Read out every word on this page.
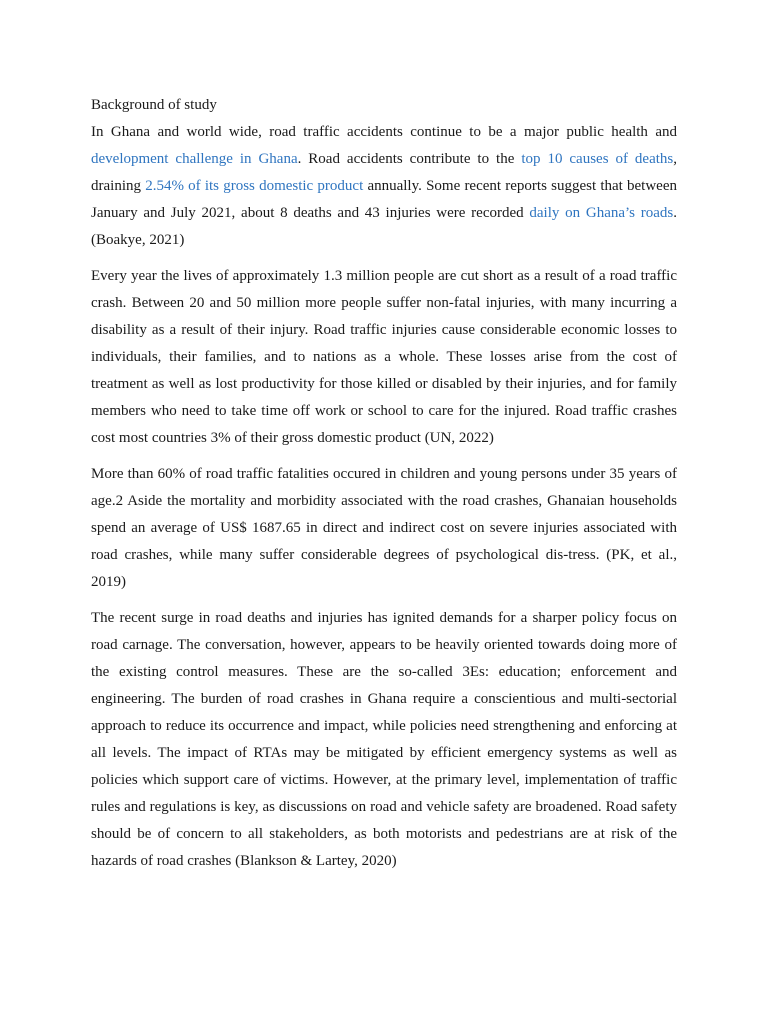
Background of study

In Ghana and world wide, road traffic accidents continue to be a major public health and development challenge in Ghana. Road accidents contribute to the top 10 causes of deaths, draining 2.54% of its gross domestic product annually. Some recent reports suggest that between January and July 2021, about 8 deaths and 43 injuries were recorded daily on Ghana’s roads. (Boakye, 2021)

Every year the lives of approximately 1.3 million people are cut short as a result of a road traffic crash. Between 20 and 50 million more people suffer non-fatal injuries, with many incurring a disability as a result of their injury. Road traffic injuries cause considerable economic losses to individuals, their families, and to nations as a whole. These losses arise from the cost of treatment as well as lost productivity for those killed or disabled by their injuries, and for family members who need to take time off work or school to care for the injured. Road traffic crashes cost most countries 3% of their gross domestic product (UN, 2022)

More than 60% of road traffic fatalities occured in children and young persons under 35 years of age.2 Aside the mortality and morbidity associated with the road crashes, Ghanaian households spend an average of US$ 1687.65 in direct and indirect cost on severe injuries associated with road crashes, while many suffer considerable degrees of psychological dis-tress. (PK, et al., 2019)

The recent surge in road deaths and injuries has ignited demands for a sharper policy focus on road carnage. The conversation, however, appears to be heavily oriented towards doing more of the existing control measures. These are the so-called 3Es: education; enforcement and engineering. The burden of road crashes in Ghana require a conscientious and multi-sectorial approach to reduce its occurrence and impact, while policies need strengthening and enforcing at all levels. The impact of RTAs may be mitigated by efficient emergency systems as well as policies which support care of victims. However, at the primary level, implementation of traffic rules and regulations is key, as discussions on road and vehicle safety are broadened. Road safety should be of concern to all stakeholders, as both motorists and pedestrians are at risk of the hazards of road crashes (Blankson & Lartey, 2020)
